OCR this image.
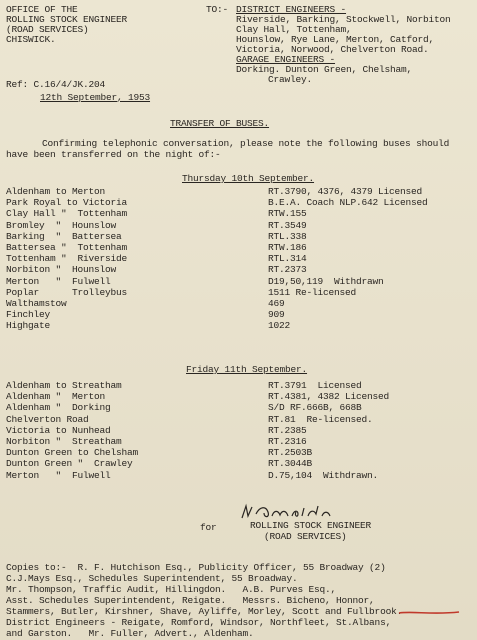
OFFICE OF THE
ROLLING STOCK ENGINEER
(ROAD SERVICES)
CHISWICK.
TO:- DISTRICT ENGINEERS -
Riverside, Barking, Stockwell, Norbiton
Clay Hall, Tottenham,
Hounslow, Rye Lane, Merton, Catford,
Victoria, Norwood, Chelverton Road.
GARAGE ENGINEERS -
Dorking. Dunton Green, Chelsham,
Crawley.
Ref: C.16/4/JK.204
12th September, 1953
TRANSFER OF BUSES.
Confirming telephonic conversation, please note the following buses should
have been transferred on the night of:-
Thursday 10th September.
Aldenham to Merton	RT.3790, 4376, 4379 Licensed
Park Royal to Victoria	B.E.A. Coach NLP.642 Licensed
Clay Hall "  Tottenham	RTW.155
Bromley  "  Hounslow	RT.3549
Barking  "  Battersea	RTL.338
Battersea "  Tottenham	RTW.186
Tottenham "  Riverside	RTL.314
Norbiton "  Hounslow	RT.2373
Merton   "  Fulwell	D19,50,119  Withdrawn
Poplar      Trolleybus	1511 Re-licensed
Walthamstow	469
Finchley	909
Highgate	1022
Friday 11th September.
Aldenham to Streatham	RT.3791  Licensed
Aldenham "  Merton	RT.4381, 4382 Licensed
Aldenham "  Dorking	S/D RF.666B, 668B
Chelverton Road	RT.81  Re-licensed.
Victoria to Nunhead	RT.2385
Norbiton "  Streatham	RT.2316
Dunton Green to Chelsham	RT.2503B
Dunton Green "  Crawley	RT.3044B
Merton   "  Fulwell	D.75,104  Withdrawn.
for	ROLLING STOCK ENGINEER
(ROAD SERVICES)
Copies to:-  R. F. Hutchison Esq., Publicity Officer, 55 Broadway (2)
C.J.Mays Esq., Schedules Superintendent, 55 Broadway.
Mr. Thompson, Traffic Audit, Hillingdon.   A.B. Purves Esq.,
Asst. Schedules Superintendent, Reigate.   Messrs. Bicheno, Honnor,
Stammers, Butler, Kirshner, Shave, Ayliffe, Morley, Scott and Fullbrook.
District Engineers - Reigate, Romford, Windsor, Northfleet, St.Albans,
and Garston.   Mr. Fuller, Advert., Aldenham.
